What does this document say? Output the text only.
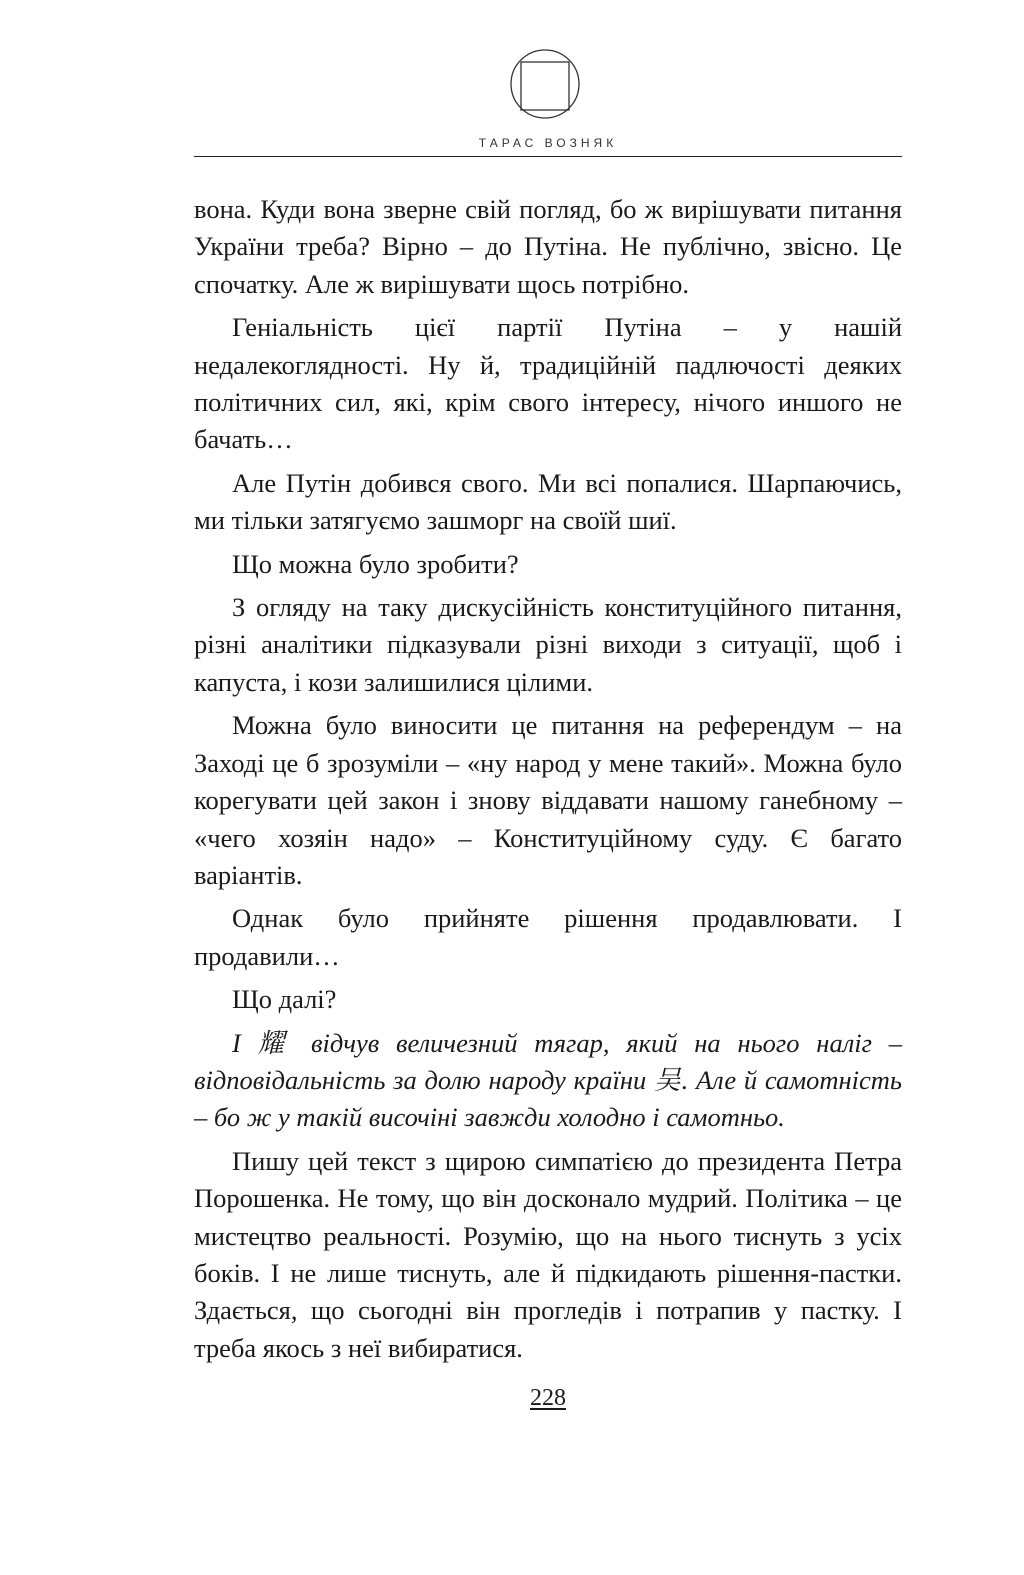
ТАРАС ВОЗНЯК

вона. Куди вона зверне свій погляд, бо ж вирішувати питання України треба? Вірно – до Путіна. Не публічно, звісно. Це спочатку. Але ж вирішувати щось потрібно.

Геніальність цієї партії Путіна – у нашій недалекоглядності. Ну й, традиційній падлючості деяких політичних сил, які, крім свого інтересу, нічого иншого не бачать…

Але Путін добився свого. Ми всі попалися. Шарпаючись, ми тільки затягуємо зашморг на своїй шиї.

Що можна було зробити?

З огляду на таку дискусійність конституційного питання, різні аналітики підказували різні виходи з ситуації, щоб і капуста, і кози залишилися цілими.

Можна було виносити це питання на референдум – на Заході це б зрозуміли – «ну народ у мене такий». Можна було корегувати цей закон і знову віддавати нашому ганебному – «чего хозяін надо» – Конституційному суду. Є багато варіантів.

Однак було прийняте рішення продавлювати. І продавили…

Що далі?

І 耀 відчув величезний тягар, який на нього наліг – відповідальність за долю народу країни 吴. Але й самотність – бо ж у такій височіні завжди холодно і самотньо.

Пишу цей текст з щирою симпатією до президента Петра Порошенка. Не тому, що він досконало мудрий. Політика – це мистецтво реальності. Розумію, що на нього тиснуть з усіх боків. І не лише тиснуть, але й підкидають рішення-пастки. Здається, що сьогодні він прогледів і потрапив у пастку. І треба якось з неї вибиратися.

228
